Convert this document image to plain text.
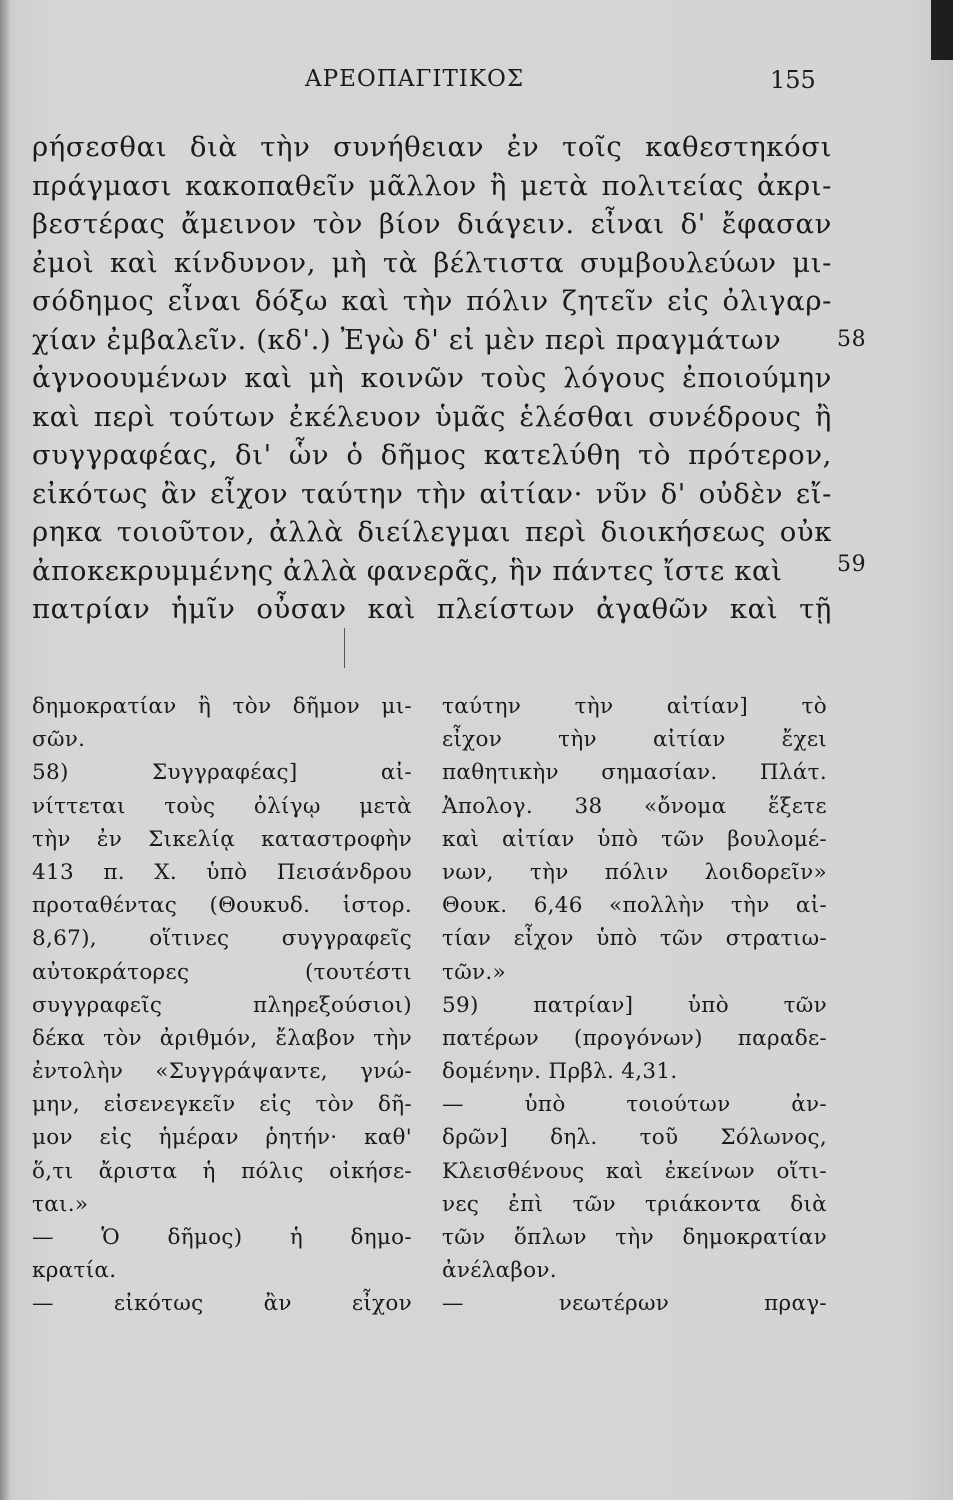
ΑΡΕΟΠΑΓΙΤΙΚΟΣ	155
ρήσεσθαι διὰ τὴν συνήθειαν ἐν τοῖς καθεστηκόσι
πράγμασι κακοπαθεῖν μᾶλλον ἢ μετὰ πολιτείας ἀκρι-
βεστέρας ἄμεινον τὸν βίον διάγειν. εἶναι δ' ἔφασαν
ἐμοὶ καὶ κίνδυνον, μὴ τὰ βέλτιστα συμβουλεύων μι-
σόδημος εἶναι δόξω καὶ τὴν πόλιν ζητεῖν εἰς ὀλιγαρ-
χίαν ἐμβαλεῖν. (κδ'.) Ἐγὼ δ' εἰ μὲν περὶ πραγμάτων	58
ἀγνοουμένων καὶ μὴ κοινῶν τοὺς λόγους ἐποιούμην
καὶ περὶ τούτων ἐκέλευον ὑμᾶς ἑλέσθαι συνέδρους ἢ
συγγραφέας, δι' ὧν ὁ δῆμος κατελύθη τὸ πρότερον,
εἰκότως ἂν εἶχον ταύτην τὴν αἰτίαν· νῦν δ' οὐδὲν εἴ-
ρηκα τοιοῦτον, ἀλλὰ διείλεγμαι περὶ διοικήσεως οὐκ
ἀποκεκρυμμένης ἀλλὰ φανερᾶς, ἣν πάντες ἴστε καὶ	59
πατρίαν ἡμῖν οὖσαν καὶ πλείστων ἀγαθῶν καὶ τῇ
δημοκρατίαν ἢ τὸν δῆμον μι-
σῶν.
58) Συγγραφέας] αἰ-
νίττεται τοὺς ὀλίγῳ μετὰ
τὴν ἐν Σικελίᾳ καταστροφὴν
413 π. Χ. ὑπὸ Πεισάνδρου
προταθέντας (Θουκυδ. ἱστορ.
8,67), οἵτινες συγγραφεῖς
αὐτοκράτορες (τουτέστι
συγγραφεῖς πληρεξούσιοι)
δέκα τὸν ἀριθμόν, ἔλαβον τὴν
ἐντολὴν «Συγγράψαντε, γνώ-
μην, εἰσενεγκεῖν εἰς τὸν δῆ-
μον εἰς ἡμέραν ῥητήν· καθ'
ὅ,τι ἄριστα ἡ πόλις οἰκήσε-
ται.»
— Ὁ δῆμος) ἡ δημο-
κρατία.
— εἰκότως ἂν εἶχον
ταύτην τὴν αἰτίαν] τὸ
εἶχον τὴν αἰτίαν ἔχει
παθητικὴν σημασίαν. Πλάτ.
Ἀπολογ. 38 «ὄνομα ἕξετε
καὶ αἰτίαν ὑπὸ τῶν βουλομέ-
νων, τὴν πόλιν λοιδορεῖν»
Θουκ. 6,46 «πολλὴν τὴν αἰ-
τίαν εἶχον ὑπὸ τῶν στρατιω-
τῶν.»
59) πατρίαν] ὑπὸ τῶν
πατέρων (προγόνων) παραδε-
δομένην. Πρβλ. 4,31.
— ὑπὸ τοιούτων ἀν-
δρῶν] δηλ. τοῦ Σόλωνος,
Κλεισθένους καὶ ἐκείνων οἵτι-
νες ἐπὶ τῶν τριάκοντα διὰ
τῶν ὅπλων τὴν δημοκρατίαν
ἀνέλαβον.
— νεωτέρων πραγ-
